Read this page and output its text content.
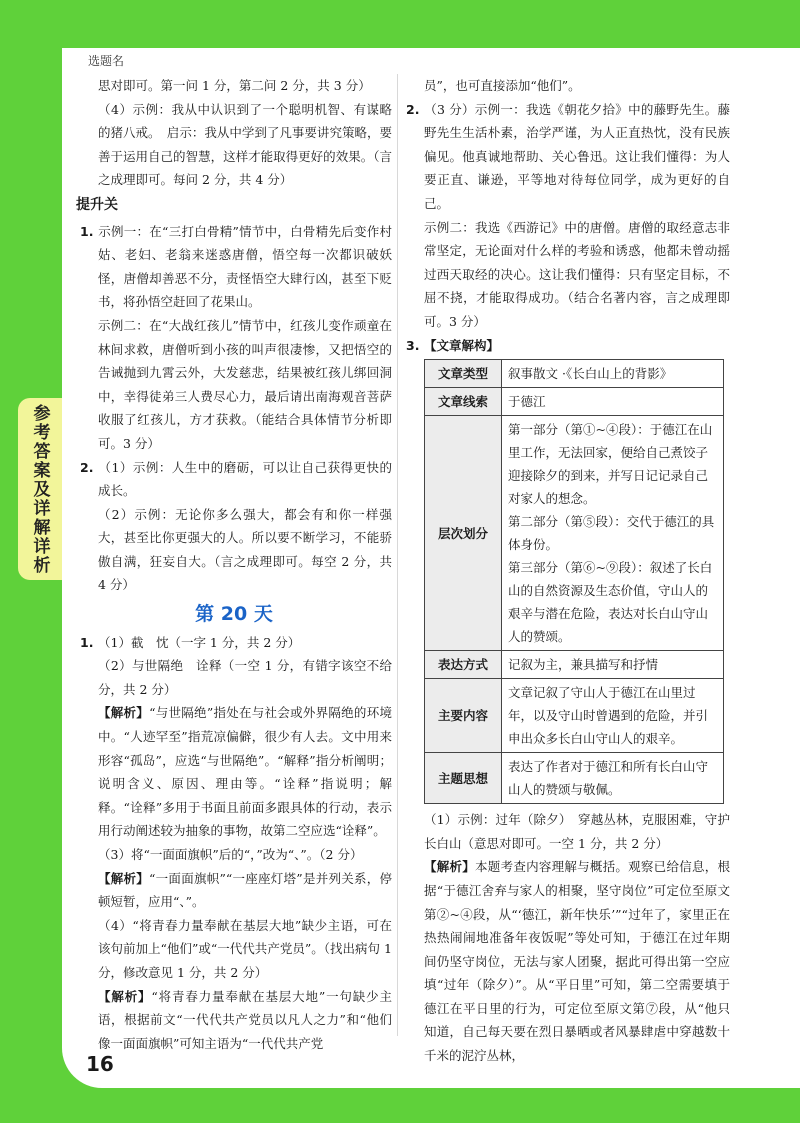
参考答案及详解详析
选题名

思对即可。第一问 1 分，第二问 2 分，共 3 分）

（4）示例：我从中认识到了一个聪明机智、有谋略的猪八戒。　启示：我从中学到了凡事要讲究策略，要善于运用自己的智慧，这样才能取得更好的效果。（言之成理即可。每问 2 分，共 4 分）

提升关

1. 示例一：在“三打白骨精”情节中，白骨精先后变作村姑、老妇、老翁来迷惑唐僧，悟空每一次都识破妖怪，唐僧却善恶不分，责怪悟空大肆行凶，甚至下贬书，将孙悟空赶回了花果山。

示例二：在“大战红孩儿”情节中，红孩儿变作顽童在林间求救，唐僧听到小孩的叫声很凄惨，又把悟空的告诫抛到九霄云外，大发慈悲，结果被红孩儿绑回洞中，幸得徒弟三人费尽心力，最后请出南海观音菩萨收服了红孩儿，方才获救。（能结合具体情节分析即可。3 分）

2. （1）示例：人生中的磨砺，可以让自己获得更快的成长。

（2）示例：无论你多么强大，都会有和你一样强大，甚至比你更强大的人。所以要不断学习，不能骄傲自满，狂妄自大。（言之成理即可。每空 2 分，共 4 分）

第 20 天

1. （1）截　忱（一字 1 分，共 2 分）

（2）与世隔绝　诠释（一空 1 分，有错字该空不给分，共 2 分）

【解析】“与世隔绝”指处在与社会或外界隔绝的环境中。“人迹罕至”指荒凉偏僻，很少有人去。文中用来形容“孤岛”，应选“与世隔绝”。“解释”指分析阐明；说明含义、原因、理由等。“诠释”指说明；解释。“诠释”多用于书面且前面多跟具体的行动，表示用行动阐述较为抽象的事物，故第二空应选“诠释”。

（3）将“一面面旗帜”后的“，”改为“、”。（2 分）

【解析】“一面面旗帜”“一座座灯塔”是并列关系，停顿短暂，应用“、”。

（4）“将青春力量奉献在基层大地”缺少主语，可在该句前加上“他们”或“一代代共产党员”。（找出病句 1 分，修改意见 1 分，共 2 分）

【解析】“将青春力量奉献在基层大地”一句缺少主语，根据前文“一代代共产党员以凡人之力”和“他们像一面面旗帜”可知主语为“一代代共产党

员”，也可直接添加“他们”。

2. （3 分）示例一：我选《朝花夕拾》中的藤野先生。藤野先生生活朴素，治学严谨，为人正直热忱，没有民族偏见。他真诚地帮助、关心鲁迅。这让我们懂得：为人要正直、谦逊，平等地对待每位同学，成为更好的自己。

示例二：我选《西游记》中的唐僧。唐僧的取经意志非常坚定，无论面对什么样的考验和诱惑，他都未曾动摇过西天取经的决心。这让我们懂得：只有坚定目标，不屈不挠，才能取得成功。（结合名著内容，言之成理即可。3 分）

3. 【文章解构】

文章类型	叙事散文 ·《长白山上的背影》
文章线索	于德江
层次划分	第一部分（第①~④段）：于德江在山里工作，无法回家，便给自己煮饺子迎接除夕的到来，并写日记记录自己对家人的想念。
第二部分（第⑤段）：交代于德江的具体身份。
第三部分（第⑥~⑨段）：叙述了长白山的自然资源及生态价值，守山人的艰辛与潜在危险，表达对长白山守山人的赞颂。

表达方式	记叙为主，兼具描写和抒情
主要内容	文章记叙了守山人于德江在山里过年，以及守山时曾遇到的危险，并引申出众多长白山守山人的艰辛。
主题思想	表达了作者对于德江和所有长白山守山人的赞颂与敬佩。

（1）示例：过年（除夕）　穿越丛林，克服困难，守护长白山（意思对即可。一空 1 分，共 2 分）

【解析】本题考查内容理解与概括。观察已给信息，根据“于德江舍弃与家人的相聚，坚守岗位”可定位至原文第②~④段，从“‘德江，新年快乐’”“过年了，家里正在热热闹闹地准备年夜饭呢”等处可知，于德江在过年期间仍坚守岗位，无法与家人团聚，据此可得出第一空应填“过年（除夕）”。从“平日里”可知，第二空需要填于德江在平日里的行为，可定位至原文第⑦段，从“他只知道，自己每天要在烈日暴晒或者风暴肆虐中穿越数十千米的泥泞丛林，

16
